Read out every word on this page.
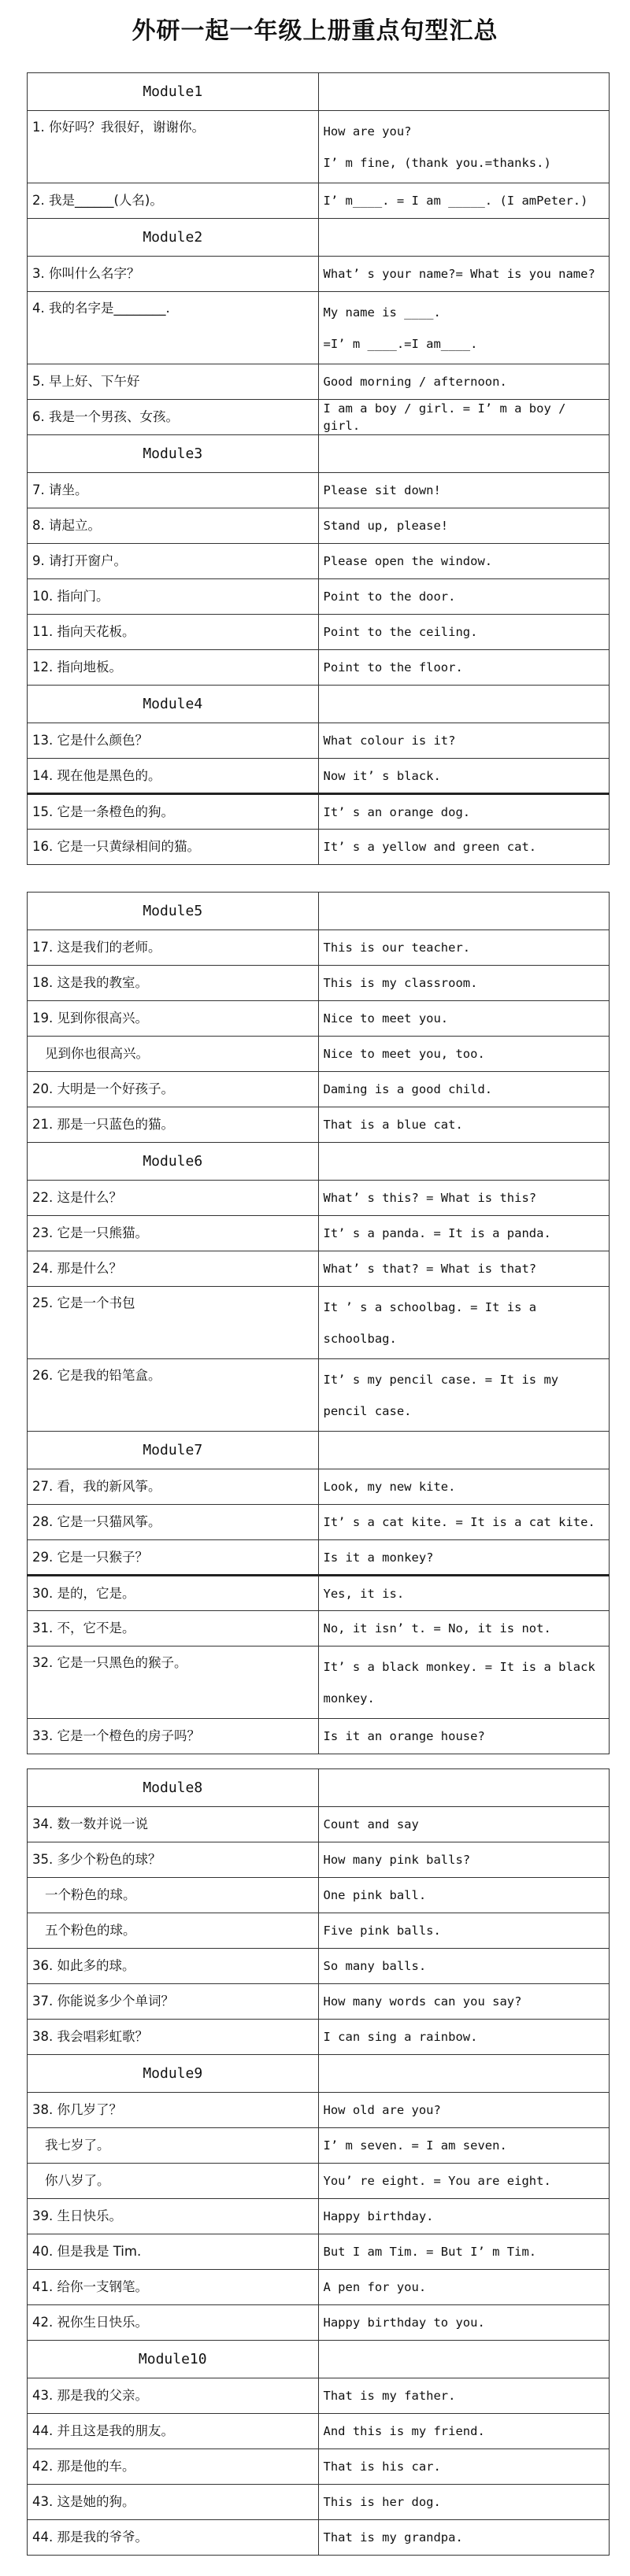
外研一起一年级上册重点句型汇总
Module1	
1. 你好吗？我很好，谢谢你。	How are you?
I’ m fine, (thank you.=thanks.)

2. 我是______(人名)。	I’ m____. = I am _____. (I amPeter.)
Module2	
3. 你叫什么名字？	What’ s your name?= What is you name?
4. 我的名字是________.	My name is ____.
=I’ m ____.=I am____.

5. 早上好、下午好	Good morning / afternoon.
6. 我是一个男孩、女孩。	I am a boy / girl. = I’ m a boy / girl.
Module3	
7. 请坐。	Please sit down!
8. 请起立。	Stand up, please!
9. 请打开窗户。	Please open the window.
10. 指向门。	Point to the door.
11. 指向天花板。	Point to the ceiling.
12. 指向地板。	Point to the floor.
Module4	
13. 它是什么颜色？	What colour is it?
14. 现在他是黑色的。	Now it’ s black.
15. 它是一条橙色的狗。	It’ s an orange dog.
16. 它是一只黄绿相间的猫。	It’ s a yellow and green cat.
Module5	
17. 这是我们的老师。	This is our teacher.
18. 这是我的教室。	This is my classroom.
19. 见到你很高兴。	Nice to meet you.
见到你也很高兴。	Nice to meet you, too.
20. 大明是一个好孩子。	Daming is a good child.
21. 那是一只蓝色的猫。	That is a blue cat.
Module6	
22. 这是什么？	What’ s this? = What is this?
23. 它是一只熊猫。	It’ s a panda. = It is a panda.
24. 那是什么？	What’ s that? = What is that?
25. 它是一个书包	It ’ s a schoolbag. = It is a
schoolbag.

26. 它是我的铅笔盒。	It’ s my pencil case. = It is my
pencil case.

Module7	
27. 看，我的新风筝。	Look, my new kite.
28. 它是一只猫风筝。	It’ s a cat kite. = It is a cat kite.
29. 它是一只猴子？	Is it a monkey?
30. 是的，它是。	Yes, it is.
31. 不，它不是。	No, it isn’ t. = No, it is not.
32. 它是一只黑色的猴子。	It’ s a black monkey. = It is a black
monkey.

33. 它是一个橙色的房子吗？	Is it an orange house?
Module8	
34. 数一数并说一说	Count and say
35. 多少个粉色的球？	How many pink balls?
一个粉色的球。	One pink ball.
五个粉色的球。	Five pink balls.
36. 如此多的球。	So many balls.
37. 你能说多少个单词？	How many words can you say?
38. 我会唱彩虹歌？	I can sing a rainbow.
Module9	
38. 你几岁了？	How old are you?
我七岁了。	I’ m seven. = I am seven.
你八岁了。	You’ re eight. = You are eight.
39. 生日快乐。	Happy birthday.
40. 但是我是 Tim.	But I am Tim. = But I’ m Tim.
41. 给你一支钢笔。	A pen for you.
42. 祝你生日快乐。	Happy birthday to you.
Module10	
43. 那是我的父亲。	That is my father.
44. 并且这是我的朋友。	And this is my friend.
42. 那是他的车。	That is his car.
43. 这是她的狗。	This is her dog.
44. 那是我的爷爷。	That is my grandpa.
